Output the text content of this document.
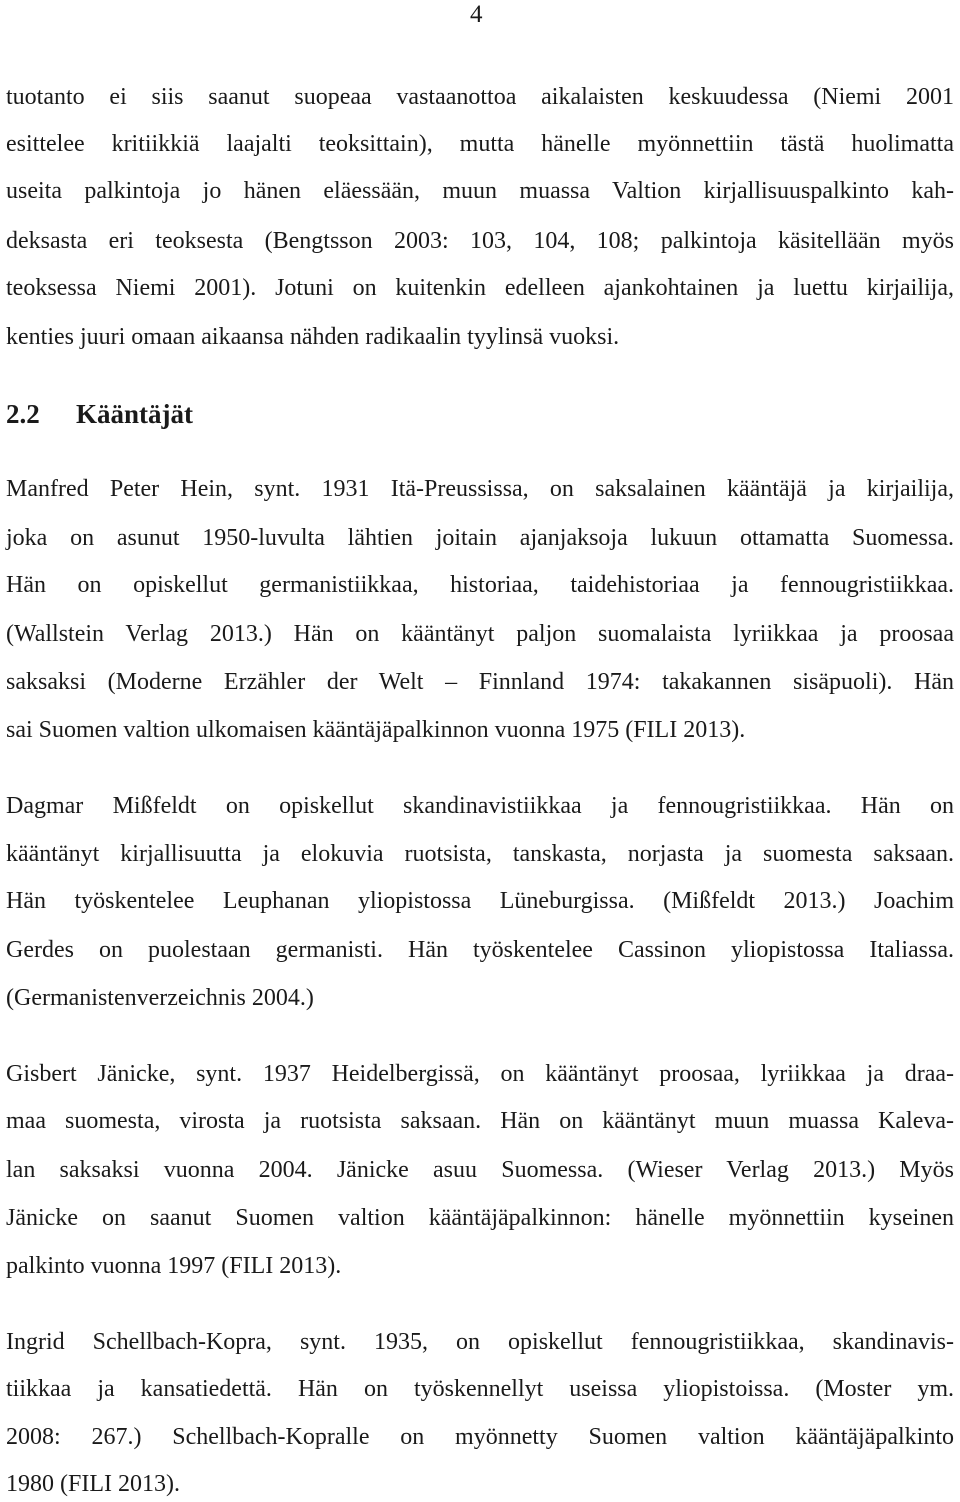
4
tuotanto ei siis saanut suopeaa vastaanottoa aikalaisten keskuudessa (Niemi 2001
esittelee kritiikkiä laajalti teoksittain), mutta hänelle myönnettiin tästä huolimatta
useita palkintoja jo hänen eläessään, muun muassa Valtion kirjallisuuspalkinto kah-
deksasta eri teoksesta (Bengtsson 2003: 103, 104, 108; palkintoja käsitellään myös
teoksessa Niemi 2001). Jotuni on kuitenkin edelleen ajankohtainen ja luettu kirjailija,
kenties juuri omaan aikaansa nähden radikaalin tyylinsä vuoksi.
2.2 Kääntäjät
Manfred Peter Hein, synt. 1931 Itä-Preussissa, on saksalainen kääntäjä ja kirjailija,
joka on asunut 1950-luvulta lähtien joitain ajanjaksoja lukuun ottamatta Suomessa.
Hän on opiskellut germanistiikkaa, historiaa, taidehistoriaa ja fennougristiikkaa.
(Wallstein Verlag 2013.) Hän on kääntänyt paljon suomalaista lyriikkaa ja proosaa
saksaksi (Moderne Erzähler der Welt – Finnland 1974: takakannen sisäpuoli). Hän
sai Suomen valtion ulkomaisen kääntäjäpalkinnon vuonna 1975 (FILI 2013).
Dagmar Mißfeldt on opiskellut skandinavistiikkaa ja fennougristiikkaa. Hän on
kääntänyt kirjallisuutta ja elokuvia ruotsista, tanskasta, norjasta ja suomesta saksaan.
Hän työskentelee Leuphanan yliopistossa Lüneburgissa. (Mißfeldt 2013.) Joachim
Gerdes on puolestaan germanisti. Hän työskentelee Cassinon yliopistossa Italiassa.
(Germanistenverzeichnis 2004.)
Gisbert Jänicke, synt. 1937 Heidelbergissä, on kääntänyt proosaa, lyriikkaa ja draa-
maa suomesta, virosta ja ruotsista saksaan. Hän on kääntänyt muun muassa Kaleva-
lan saksaksi vuonna 2004. Jänicke asuu Suomessa. (Wieser Verlag 2013.) Myös
Jänicke on saanut Suomen valtion kääntäjäpalkinnon: hänelle myönnettiin kyseinen
palkinto vuonna 1997 (FILI 2013).
Ingrid Schellbach-Kopra, synt. 1935, on opiskellut fennougristiikkaa, skandinavis-
tiikkaa ja kansatiedettä. Hän on työskennellyt useissa yliopistoissa. (Moster ym.
2008: 267.) Schellbach-Kopralle on myönnetty Suomen valtion kääntäjäpalkinto
1980 (FILI 2013).
